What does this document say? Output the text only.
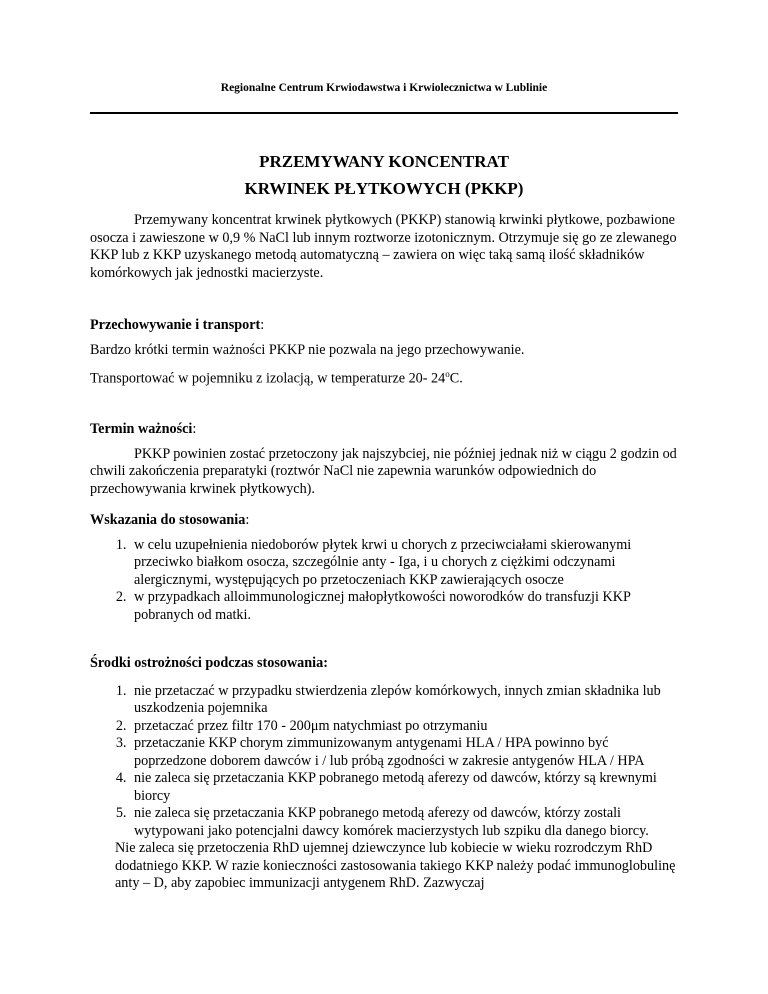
Regionalne Centrum Krwiodawstwa i Krwiolecznictwa w Lublinie
PRZEMYWANY KONCENTRAT
KRWINEK PŁYTKOWYCH (PKKP)

Przemywany koncentrat krwinek płytkowych (PKKP) stanowią krwinki płytkowe, pozbawione osocza i zawieszone w 0,9 % NaCl lub innym roztworze izotonicznym. Otrzymuje się go ze zlewanego KKP lub z KKP uzyskanego metodą automatyczną – zawiera on więc taką samą ilość składników komórkowych jak jednostki macierzyste.

Przechowywanie i transport:
Bardzo krótki termin ważności PKKP nie pozwala na jego przechowywanie.
Transportować w pojemniku z izolacją, w temperaturze 20- 24$^o$C.
Termin ważności:

PKKP powinien zostać przetoczony jak najszybciej, nie później jednak niż w ciągu 2 godzin od chwili zakończenia preparatyki (roztwór NaCl nie zapewnia warunków odpowiednich do przechowywania krwinek płytkowych).

Wskazania do stosowania:
1. w celu uzupełnienia niedoborów płytek krwi u chorych z przeciwciałami skierowanymi przeciwko białkom osocza, szczególnie anty - Iga, i u chorych z ciężkimi odczynami alergicznymi, występujących po przetoczeniach KKP zawierających osocze
2. w przypadkach alloimmunologicznej małopłytkowości noworodków do transfuzji KKP pobranych od matki.
Środki ostrożności podczas stosowania:
1. nie przetaczać w przypadku stwierdzenia zlepów komórkowych, innych zmian składnika lub uszkodzenia pojemnika
2. przetaczać przez filtr 170 - 200μm natychmiast po otrzymaniu
3. przetaczanie KKP chorym zimmunizowanym antygenami HLA / HPA powinno być poprzedzone doborem dawców i / lub próbą zgodności w zakresie antygenów HLA / HPA
4. nie zaleca się przetaczania KKP pobranego metodą aferezy od dawców, którzy są krewnymi biorcy
5. nie zaleca się przetaczania KKP pobranego metodą aferezy od dawców, którzy zostali wytypowani jako potencjalni dawcy komórek macierzystych lub szpiku dla danego biorcy.

Nie zaleca się przetoczenia RhD ujemnej dziewczynce lub kobiecie w wieku rozrodczym RhD dodatniego KKP. W razie konieczności zastosowania takiego KKP należy podać immunoglobulinę anty – D, aby zapobiec immunizacji antygenem RhD. Zazwyczaj
